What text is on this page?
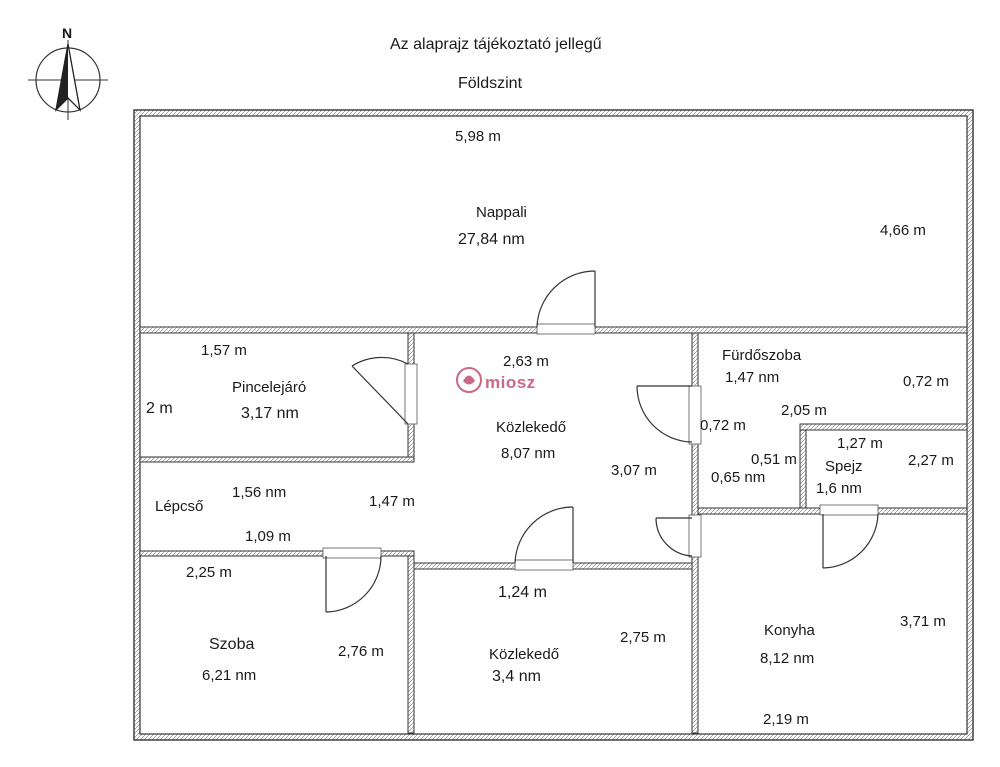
Az alaprajz tájékoztató jellegű
Földszint
N
miosz
5,98 m
Nappali
27,84 nm
4,66 m
1,57 m
Pincelejáró
3,17 nm
2 m
2,63 m
Közlekedő
8,07 nm
3,07 m
1,47 m
Fürdőszoba
1,47 nm	0,72 m
2,05 m
0,72 m
0,51 m
0,65 nm
1,27 m
Spejz
1,6 nm
2,27 m
Lépcső
1,56 nm
1,09 m
2,25 m
Szoba
6,21 nm
2,76 m
1,24 m
Közlekedő
3,4 nm
2,75 m	Konyha
8,12 nm
3,71 m
2,19 m
